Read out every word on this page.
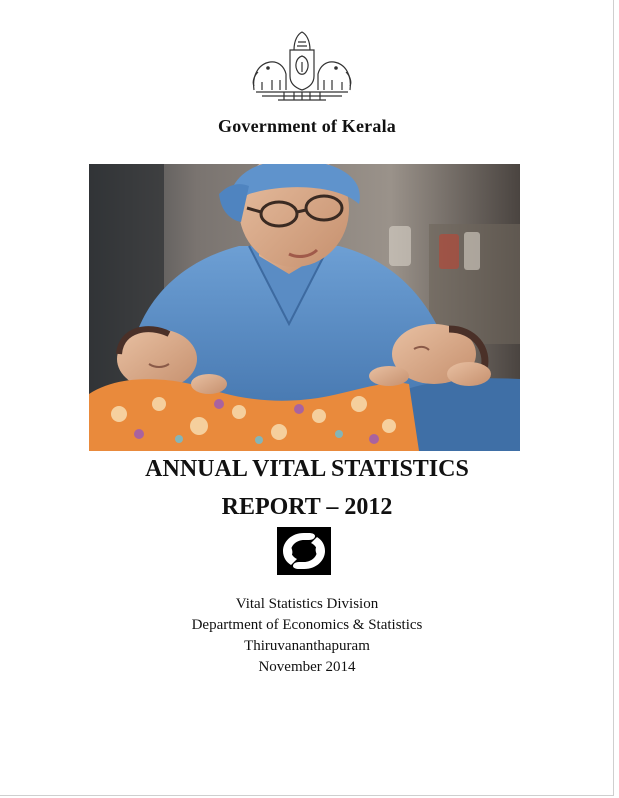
Government of Kerala
ANNUAL VITAL STATISTICS
REPORT – 2012
Vital Statistics Division
Department of Economics & Statistics
Thiruvananthapuram
November 2014
